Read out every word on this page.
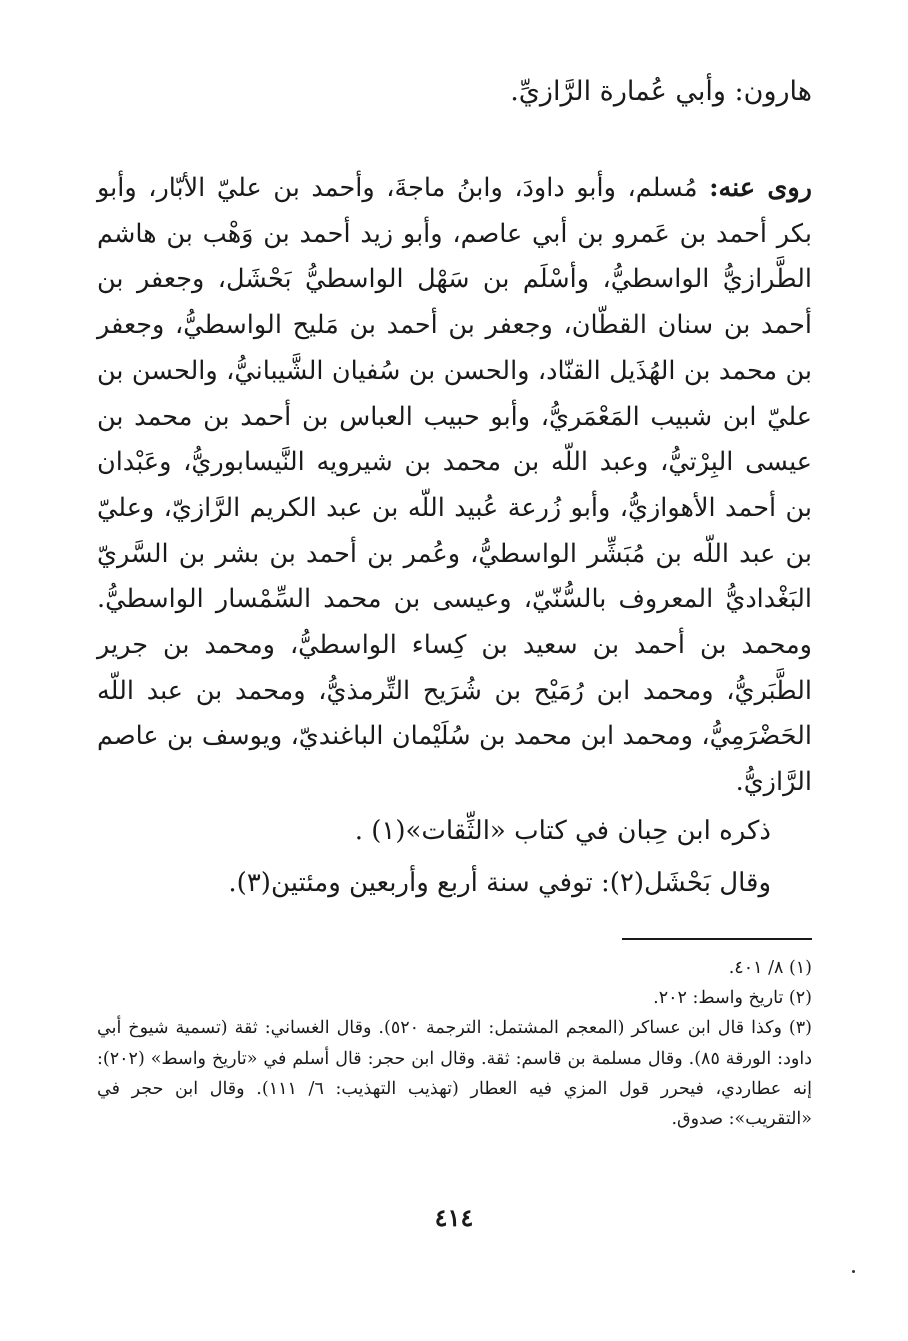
هارون: وأبي عُمارة الرَّازيِّ.
روى عنه: مُسلم، وأبو داودَ، وابنُ ماجةَ، وأحمد بن عليّ الأبّار، وأبو بكر أحمد بن عَمرو بن أبي عاصم، وأبو زيد أحمد بن وَهْب بن هاشم الطَّرازيُّ الواسطيُّ، وأسْلَم بن سَهْل الواسطيُّ بَحْشَل، وجعفر بن أحمد بن سنان القطّان، وجعفر بن أحمد بن مَليح الواسطيُّ، وجعفر بن محمد بن الهُذَيل القنّاد، والحسن بن سُفيان الشَّيبانيُّ، والحسن بن عليّ ابن شبيب المَعْمَريُّ، وأبو حبيب العباس بن أحمد بن محمد بن عيسى البِرْتيُّ، وعبد اللّه بن محمد بن شيرويه النَّيسابوريُّ، وعَبْدان بن أحمد الأهوازيُّ، وأبو زُرعة عُبيد اللّه بن عبد الكريم الرَّازيّ، وعليّ بن عبد اللّه بن مُبَشِّر الواسطيُّ، وعُمر بن أحمد بن بشر بن السَّريّ البَغْداديُّ المعروف بالسُّنّيّ، وعيسى بن محمد السِّمْسار الواسطيُّ. ومحمد بن أحمد بن سعيد بن كِساء الواسطيُّ، ومحمد بن جرير الطَّبَريُّ، ومحمد ابن رُمَيْح بن شُرَيح التِّرمذيُّ، ومحمد بن عبد اللّه الحَضْرَمِيُّ، ومحمد ابن محمد بن سُلَيْمان الباغنديّ، ويوسف بن عاصم الرَّازيُّ.
ذكره ابن حِبان في كتاب «الثِّقات»(١) .
وقال بَحْشَل(٢): توفي سنة أربع وأربعين ومئتين(٣).

(١) ٨/ ٤٠١.

(٢) تاريخ واسط: ٢٠٢.

(٣) وكذا قال ابن عساكر (المعجم المشتمل: الترجمة ٥٢٠). وقال الغساني: ثقة (تسمية شيوخ أبي داود: الورقة ٨٥). وقال مسلمة بن قاسم: ثقة. وقال ابن حجر: قال أسلم في «تاريخ واسط» (٢٠٢): إنه عطاردي، فيحرر قول المزي فيه العطار (تهذيب التهذيب: ٦/ ١١١). وقال ابن حجر في «التقريب»: صدوق.

٤١٤
